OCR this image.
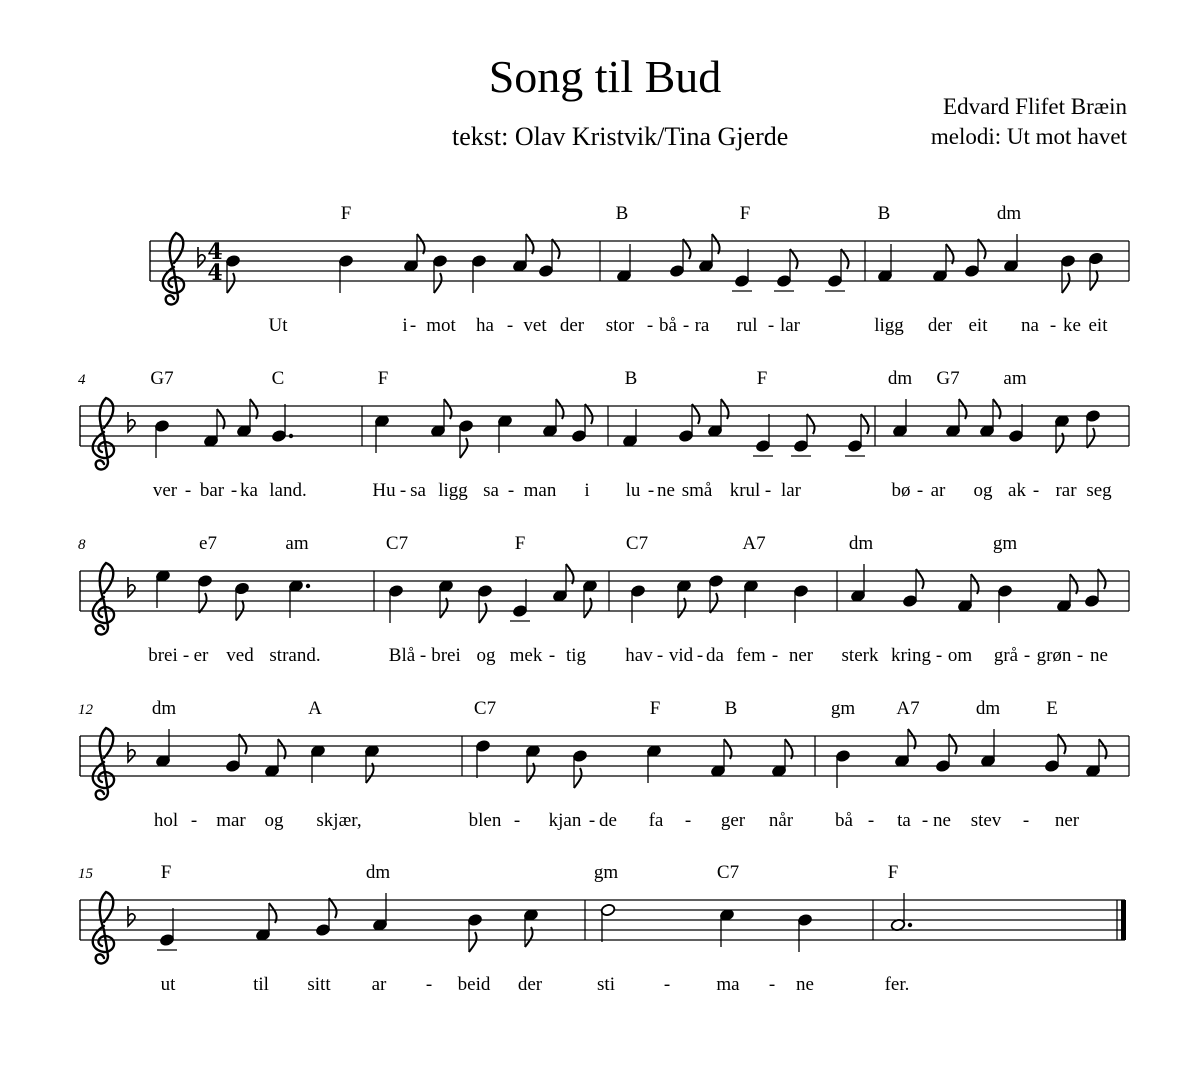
Song til Bud
tekst: Olav Kristvik/Tina Gjerde
Edvard Flifet Bræin
melodi: Ut mot havet
4
4
F	B	F	B	dm
Ut	i - mot ha - vet der stor - bå - ra rul - lar	ligg der eit na - ke eit
4	G7	C	F	B	F	dm G7 am
ver - bar - ka land.	Hu - sa ligg sa - man i lu - ne små krul - lar	bø - ar og ak - rar seg
8	e7	am	C7	F	C7	A7	dm	gm
brei - er ved strand.	Blå - brei og mek - tig hav - vid - da fem - ner sterk kring - om grå - grøn - ne
12	dm	A	C7	F	B	gm A7	dm E
hol - mar og skjær,	blen - kjan - de fa - ger når bå - ta - ne stev - ner
15	F	dm	gm	C7	F
ut	til sitt ar - beid der	sti	- ma - ne	fer.
